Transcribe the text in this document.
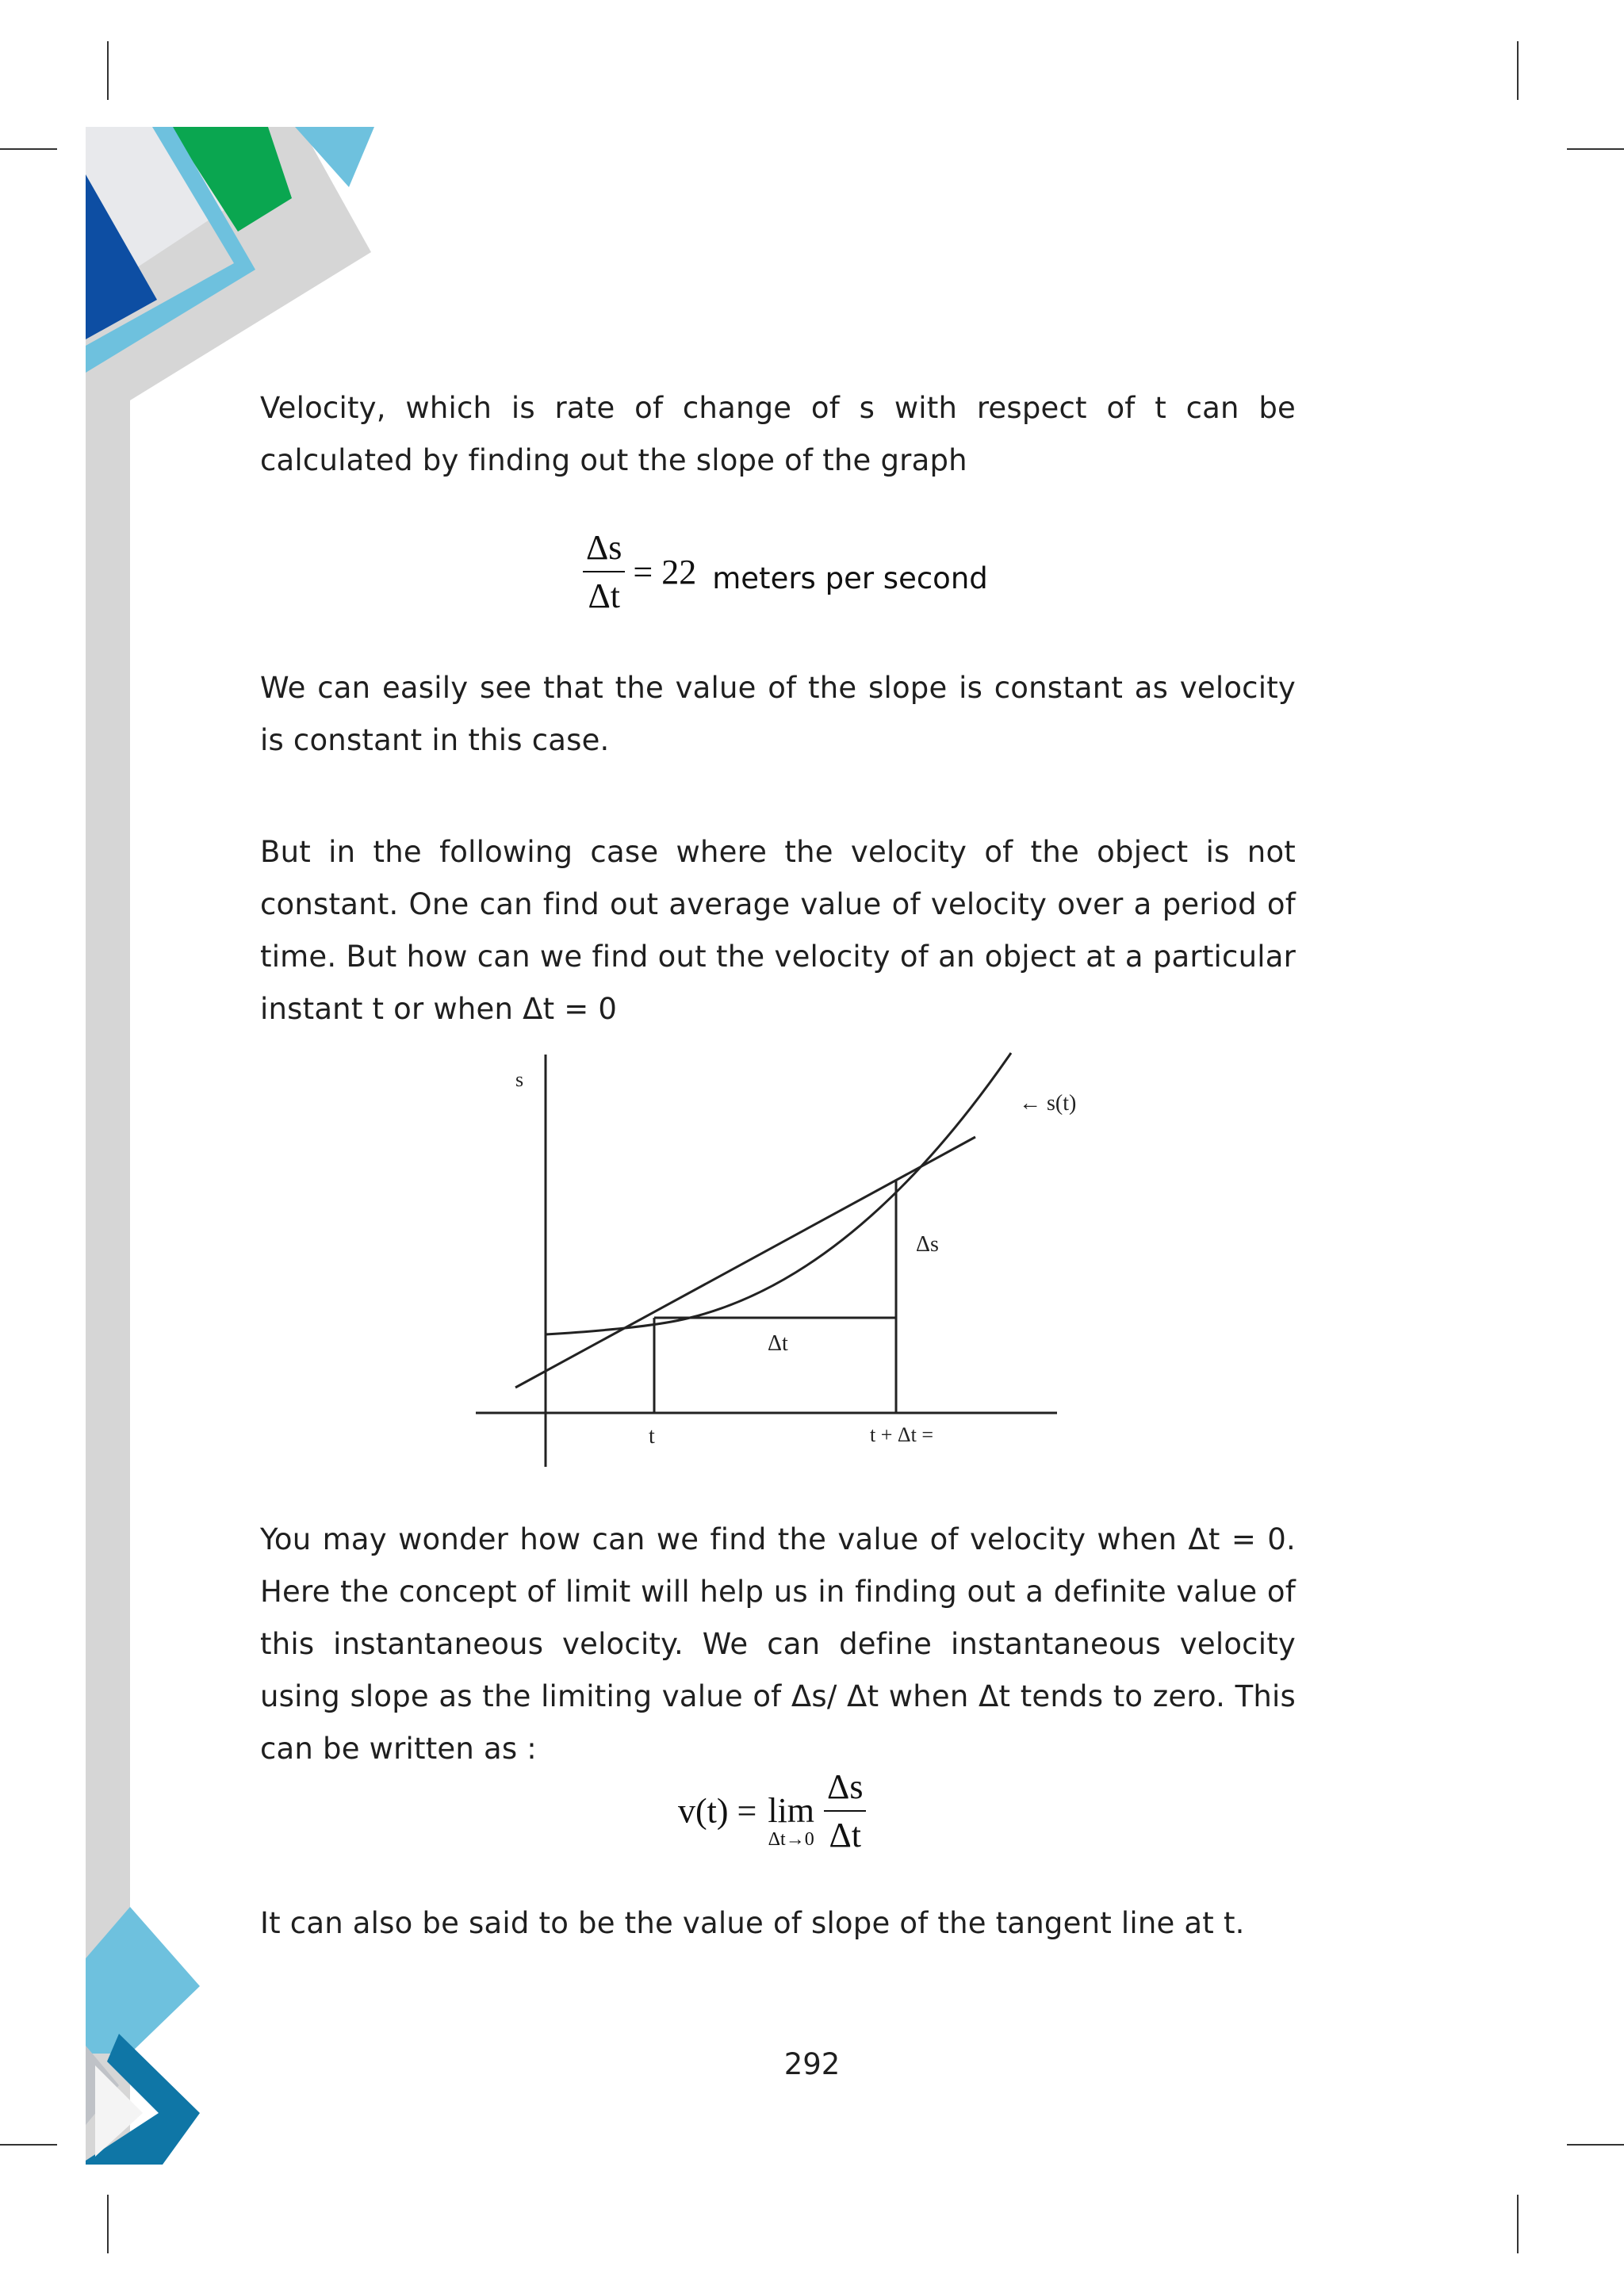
Velocity, which is rate of change of s with respect of t can be calculated by finding out the slope of the graph
$\frac{\Delta s}{\Delta t} = 22$ meters per second
We can easily see that the value of the slope is constant as velocity is constant in this case.
But in the following case where the velocity of the object is not constant. One can find out average value of velocity over a period of time. But how can we find out the velocity of an object at a particular instant t or when Δt = 0
s
← s(t)
Δs
Δt
t	t + Δt =
You may wonder how can we find the value of velocity when Δt = 0. Here the concept of limit will help us in finding out a definite value of this instantaneous velocity. We can define instantaneous velocity using slope as the limiting value of Δs/ Δt when Δt tends to zero. This can be written as :
v(t) = lim
Δt→0
$\frac{\Delta s}{\Delta t}$
It can also be said to be the value of slope of the tangent line at t.
292
